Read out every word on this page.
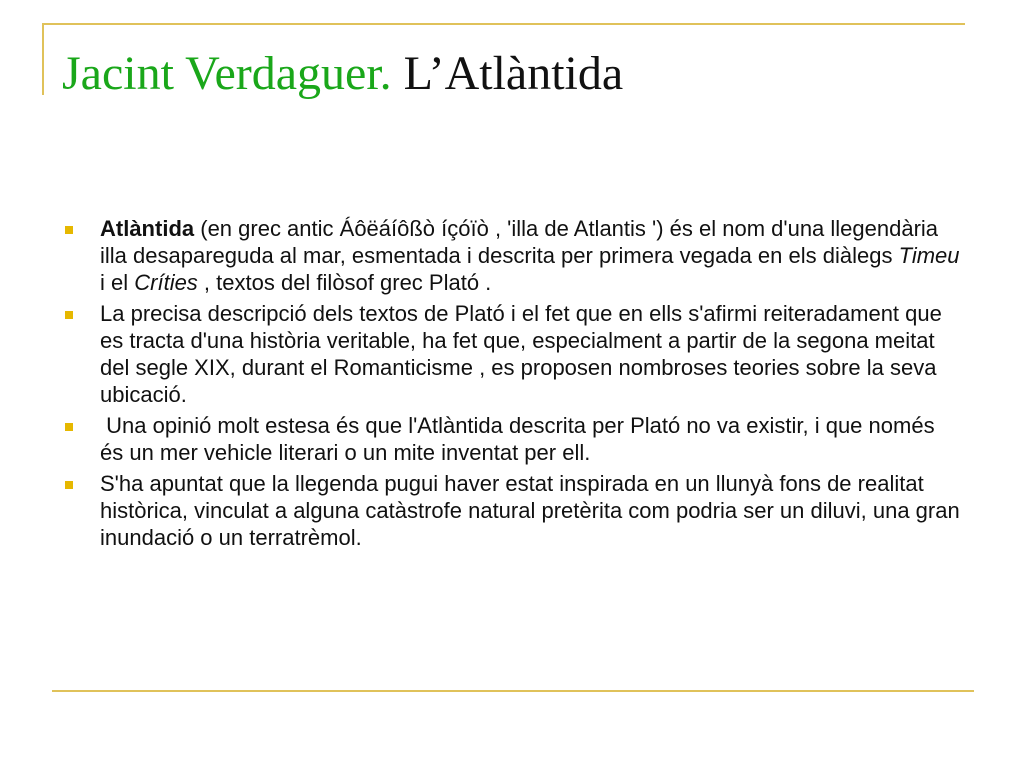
Jacint Verdaguer. L’Atlàntida
Atlàntida (en grec antic Áôëáíôßò íçóïò , 'illa de Atlantis ') és el nom d'una llegendària illa desapareguda al mar, esmentada i descrita per primera vegada en els diàlegs Timeu i el Críties , textos del filòsof grec Plató .
La precisa descripció dels textos de Plató i el fet que en ells s'afirmi reiteradament que es tracta d'una història veritable, ha fet que, especialment a partir de la segona meitat del segle XIX, durant el Romanticisme , es proposen nombroses teories sobre la seva ubicació.
Una opinió molt estesa és que l'Atlàntida descrita per Plató no va existir, i que només és un mer vehicle literari o un mite inventat per ell.
S'ha apuntat que la llegenda pugui haver estat inspirada en un llunyà fons de realitat històrica, vinculat a alguna catàstrofe natural pretèrita com podria ser un diluvi, una gran inundació o un terratrèmol.
